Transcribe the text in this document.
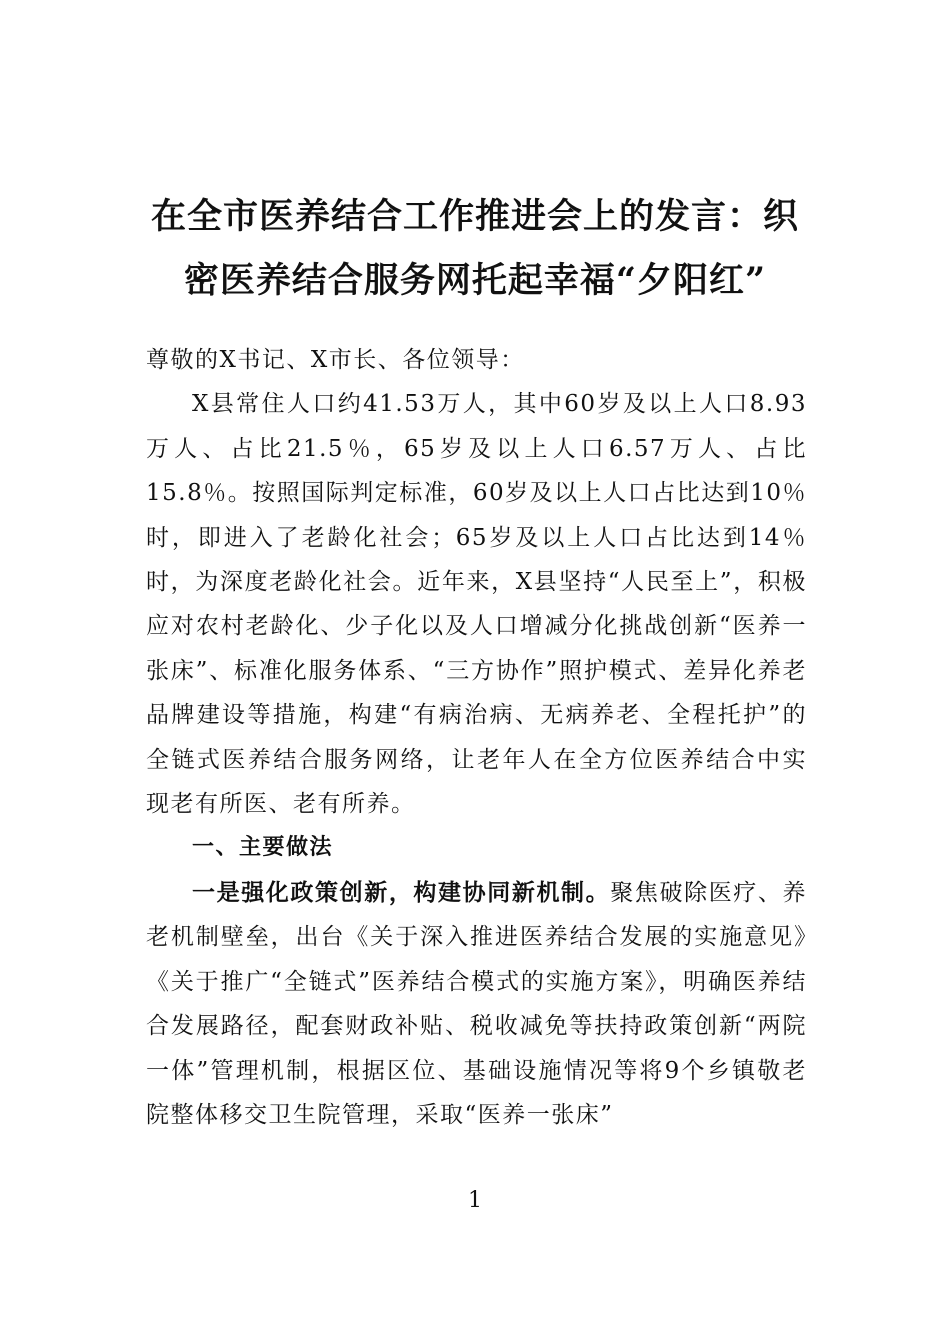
在全市医养结合工作推进会上的发言：织
密医养结合服务网托起幸福“夕阳红”

尊敬的X书记、X市长、各位领导：

X县常住人口约41.53万人，其中60岁及以上人口8.93万人、占比21.5％，65岁及以上人口6.57万人、占比15.8％。按照国际判定标准，60岁及以上人口占比达到10％时，即进入了老龄化社会；65岁及以上人口占比达到14％时，为深度老龄化社会。近年来，X县坚持“人民至上”，积极应对农村老龄化、少子化以及人口增减分化挑战创新“医养一张床”、标准化服务体系、“三方协作”照护模式、差异化养老品牌建设等措施，构建“有病治病、无病养老、全程托护”的全链式医养结合服务网络，让老年人在全方位医养结合中实现老有所医、老有所养。

一、主要做法

一是强化政策创新，构建协同新机制。聚焦破除医疗、养老机制壁垒，出台《关于深入推进医养结合发展的实施意见》《关于推广“全链式”医养结合模式的实施方案》，明确医养结合发展路径，配套财政补贴、税收减免等扶持政策创新“两院一体”管理机制，根据区位、基础设施情况等将9个乡镇敬老院整体移交卫生院管理，采取“医养一张床”

1
